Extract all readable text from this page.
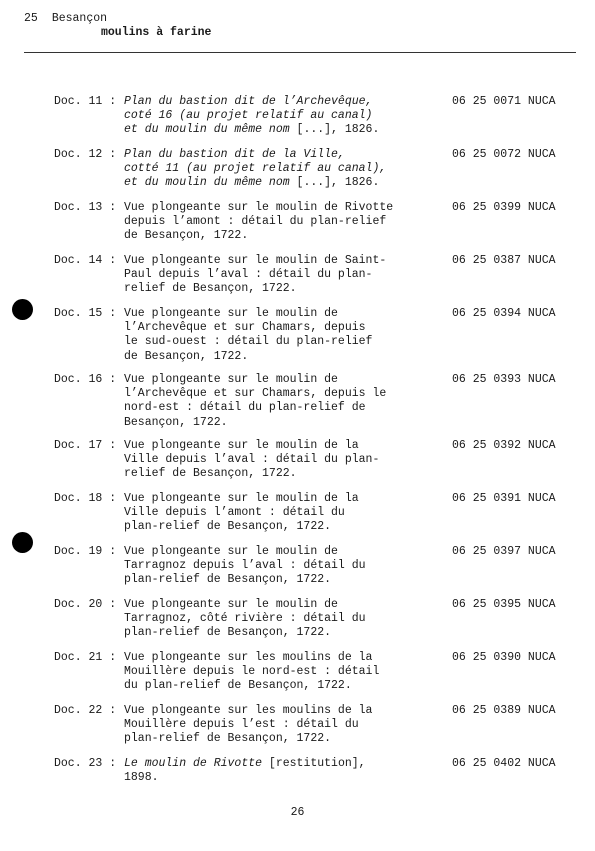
25 Besançon
moulins à farine
Doc. 11 : Plan du bastion dit de l’Archevêque,
coté 16 (au projet relatif au canal)
et du moulin du même nom [...], 1826.
06 25 0071 NUCA
Doc. 12 : Plan du bastion dit de la Ville,
cotté 11 (au projet relatif au canal),
et du moulin du même nom [...], 1826.
06 25 0072 NUCA
Doc. 13 : Vue plongeante sur le moulin de Rivotte
depuis l’amont : détail du plan-relief
de Besançon, 1722.
06 25 0399 NUCA
Doc. 14 : Vue plongeante sur le moulin de Saint-
Paul depuis l’aval : détail du plan-
relief de Besançon, 1722.
06 25 0387 NUCA
Doc. 15 : Vue plongeante sur le moulin de
l’Archevêque et sur Chamars, depuis
le sud-ouest : détail du plan-relief
de Besançon, 1722.
06 25 0394 NUCA
Doc. 16 : Vue plongeante sur le moulin de
l’Archevêque et sur Chamars, depuis le
nord-est : détail du plan-relief de
Besançon, 1722.
06 25 0393 NUCA
Doc. 17 : Vue plongeante sur le moulin de la
Ville depuis l’aval : détail du plan-
relief de Besançon, 1722.
06 25 0392 NUCA
Doc. 18 : Vue plongeante sur le moulin de la
Ville depuis l’amont : détail du
plan-relief de Besançon, 1722.
06 25 0391 NUCA
Doc. 19 : Vue plongeante sur le moulin de
Tarragnoz depuis l’aval : détail du
plan-relief de Besançon, 1722.
06 25 0397 NUCA
Doc. 20 : Vue plongeante sur le moulin de
Tarragnoz, côté rivière : détail du
plan-relief de Besançon, 1722.
06 25 0395 NUCA
Doc. 21 : Vue plongeante sur les moulins de la
Mouillère depuis le nord-est : détail
du plan-relief de Besançon, 1722.
06 25 0390 NUCA
Doc. 22 : Vue plongeante sur les moulins de la
Mouillère depuis l’est : détail du
plan-relief de Besançon, 1722.
06 25 0389 NUCA
Doc. 23 : Le moulin de Rivotte [restitution],
1898.
06 25 0402 NUCA
26
